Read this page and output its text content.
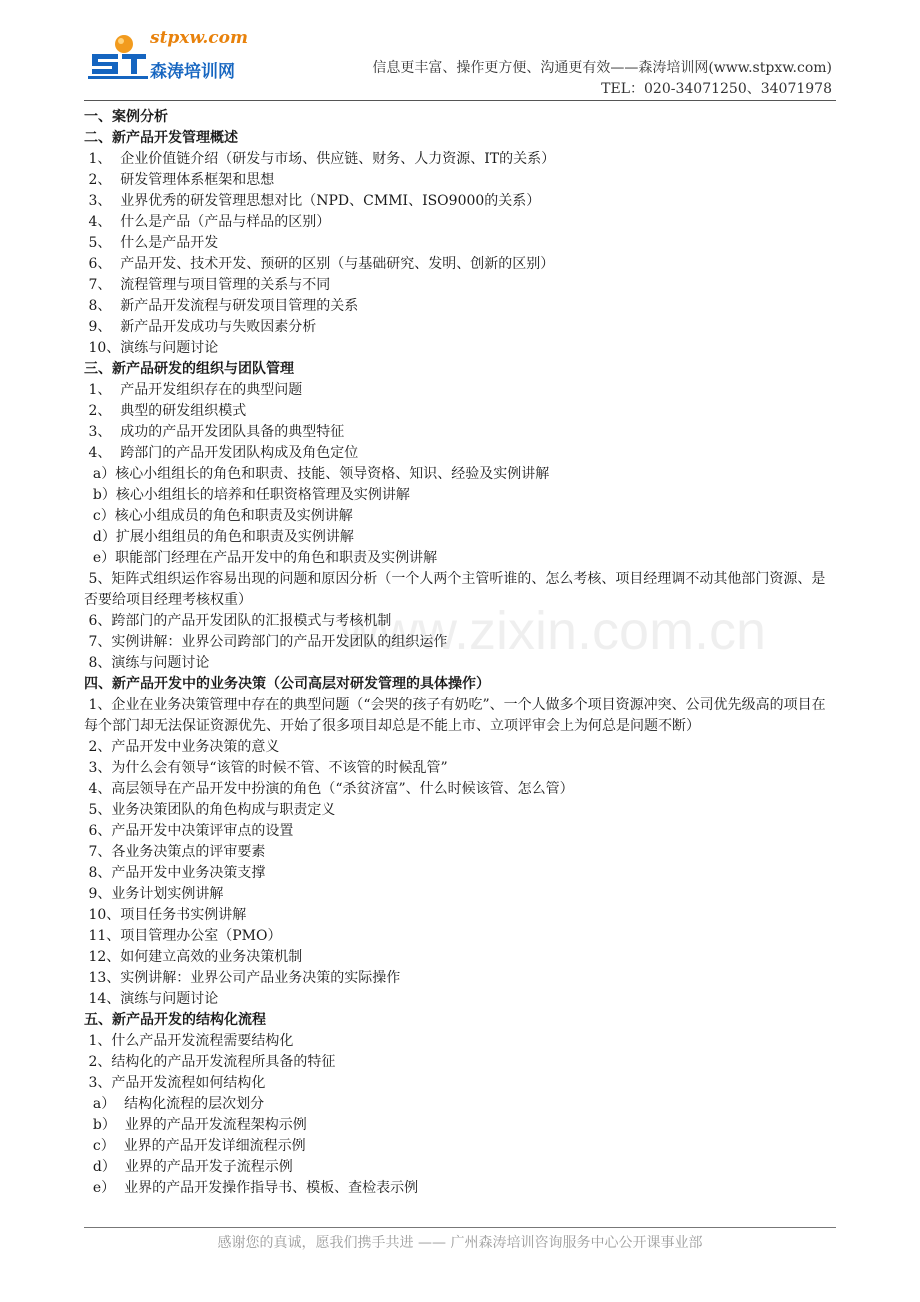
stpxw.com
森涛培训网	信息更丰富、操作更方便、沟通更有效——森涛培训网(www.stpxw.com)
TEL：020-34071250、34071978
www.zixin.com.cn
一、案例分析
二、新产品开发管理概述
1、  企业价值链介绍（研发与市场、供应链、财务、人力资源、IT的关系）
2、  研发管理体系框架和思想
3、  业界优秀的研发管理思想对比（NPD、CMMI、ISO9000的关系）
4、  什么是产品（产品与样品的区别）
5、  什么是产品开发
6、  产品开发、技术开发、预研的区别（与基础研究、发明、创新的区别）
7、  流程管理与项目管理的关系与不同
8、  新产品开发流程与研发项目管理的关系
9、  新产品开发成功与失败因素分析
10、演练与问题讨论
三、新产品研发的组织与团队管理
1、  产品开发组织存在的典型问题
2、  典型的研发组织模式
3、  成功的产品开发团队具备的典型特征
4、  跨部门的产品开发团队构成及角色定位
a）核心小组组长的角色和职责、技能、领导资格、知识、经验及实例讲解
b）核心小组组长的培养和任职资格管理及实例讲解
c）核心小组成员的角色和职责及实例讲解
d）扩展小组组员的角色和职责及实例讲解
e）职能部门经理在产品开发中的角色和职责及实例讲解
5、矩阵式组织运作容易出现的问题和原因分析（一个人两个主管听谁的、怎么考核、项目经理调不动其他部门资源、是否要给项目经理考核权重）
6、跨部门的产品开发团队的汇报模式与考核机制
7、实例讲解：业界公司跨部门的产品开发团队的组织运作
8、演练与问题讨论
四、新产品开发中的业务决策（公司高层对研发管理的具体操作）
1、企业在业务决策管理中存在的典型问题（“会哭的孩子有奶吃”、一个人做多个项目资源冲突、公司优先级高的项目在每个部门却无法保证资源优先、开始了很多项目却总是不能上市、立项评审会上为何总是问题不断）
2、产品开发中业务决策的意义
3、为什么会有领导“该管的时候不管、不该管的时候乱管”
4、高层领导在产品开发中扮演的角色（“杀贫济富”、什么时候该管、怎么管）
5、业务决策团队的角色构成与职责定义
6、产品开发中决策评审点的设置
7、各业务决策点的评审要素
8、产品开发中业务决策支撑
9、业务计划实例讲解
10、项目任务书实例讲解
11、项目管理办公室（PMO）
12、如何建立高效的业务决策机制
13、实例讲解：业界公司产品业务决策的实际操作
14、演练与问题讨论
五、新产品开发的结构化流程
1、什么产品开发流程需要结构化
2、结构化的产品开发流程所具备的特征
3、产品开发流程如何结构化
a）  结构化流程的层次划分
b）  业界的产品开发流程架构示例
c）  业界的产品开发详细流程示例
d）  业界的产品开发子流程示例
e）  业界的产品开发操作指导书、模板、查检表示例
感谢您的真诚，愿我们携手共进 —— 广州森涛培训咨询服务中心公开课事业部
